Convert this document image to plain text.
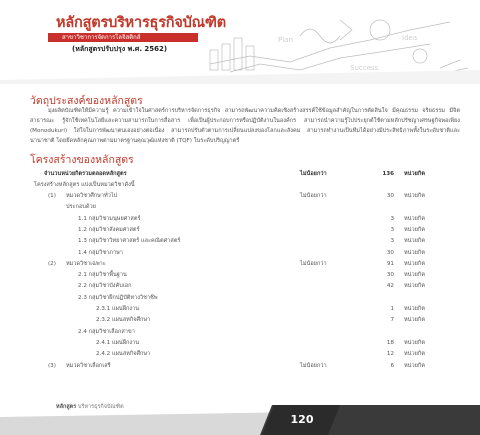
Plan
Success
Idea
หลักสูตรบริหารธุรกิจบัณฑิต
สาขาวิชาการจัดการโลจิสติกส์
(หลักสูตรปรับปรุง พ.ศ. 2562)
วัตถุประสงค์ของหลักสูตร
มุ่งผลิตบัณฑิตให้มีความรู้ ความเข้าใจในศาสตร์การบริหารจัดการธุรกิจ สามารถพัฒนาความคิดเชิงสร้างสรรค์ใช้ข้อมูลสำคัญในการตัดสินใจ มีคุณธรรม จริยธรรม มีจิตสาธารณะ รู้จักใช้เทคโนโลยีและความสามารถในการสื่อสาร เพื่อเป็นผู้ประกอบการหรือปฏิบัติงานในองค์กร สามารถนำความรู้ไปประยุกต์ใช้ตามหลักปรัชญาเศรษฐกิจพอเพียง (Monodukuri) ใส่ใจในการพัฒนาตนเองอย่างต่อเนื่อง สามารถปรับตัวตามการเปลี่ยนแปลงของโลกและสังคม สามารถทำงานเป็นทีมได้อย่างมีประสิทธิภาพทั้งในระดับชาติและนานาชาติ โดยยึดหลักคุณภาพตามมาตรฐานคุณวุฒิแห่งชาติ (TQF) ในระดับปริญญาตรี
โครงสร้างของหลักสูตร
จำนวนหน่วยกิตรวมตลอดหลักสูตร	ไม่น้อยกว่า	136 หน่วยกิต
โครงสร้างหลักสูตร แบ่งเป็นหมวดวิชาดังนี้
(1) หมวดวิชาศึกษาทั่วไป	ไม่น้อยกว่า	30 หน่วยกิต
ประกอบด้วย
1.1 กลุ่มวิชามนุษยศาสตร์	3 หน่วยกิต
1.2 กลุ่มวิชาสังคมศาสตร์	3 หน่วยกิต
1.3 กลุ่มวิชาวิทยาศาสตร์ และคณิตศาสตร์	3 หน่วยกิต
1.4 กลุ่มวิชาภาษา	30 หน่วยกิต
(2) หมวดวิชาเฉพาะ	ไม่น้อยกว่า	91 หน่วยกิต
2.1 กลุ่มวิชาพื้นฐาน	30 หน่วยกิต
2.2 กลุ่มวิชาบังคับเอก	42 หน่วยกิต
2.3 กลุ่มวิชาฝึกปฏิบัติทางวิชาชีพ
2.3.1 แผนฝึกงาน	1 หน่วยกิต
2.3.2 แผนสหกิจศึกษา	7 หน่วยกิต
2.4 กลุ่มวิชาเลือกสาขา
2.4.1 แผนฝึกงาน	18 หน่วยกิต
2.4.2 แผนสหกิจศึกษา	12 หน่วยกิต
(3) หมวดวิชาเลือกเสรี	ไม่น้อยกว่า	6 หน่วยกิต
หลักสูตร บริหารธุรกิจบัณฑิต
120
